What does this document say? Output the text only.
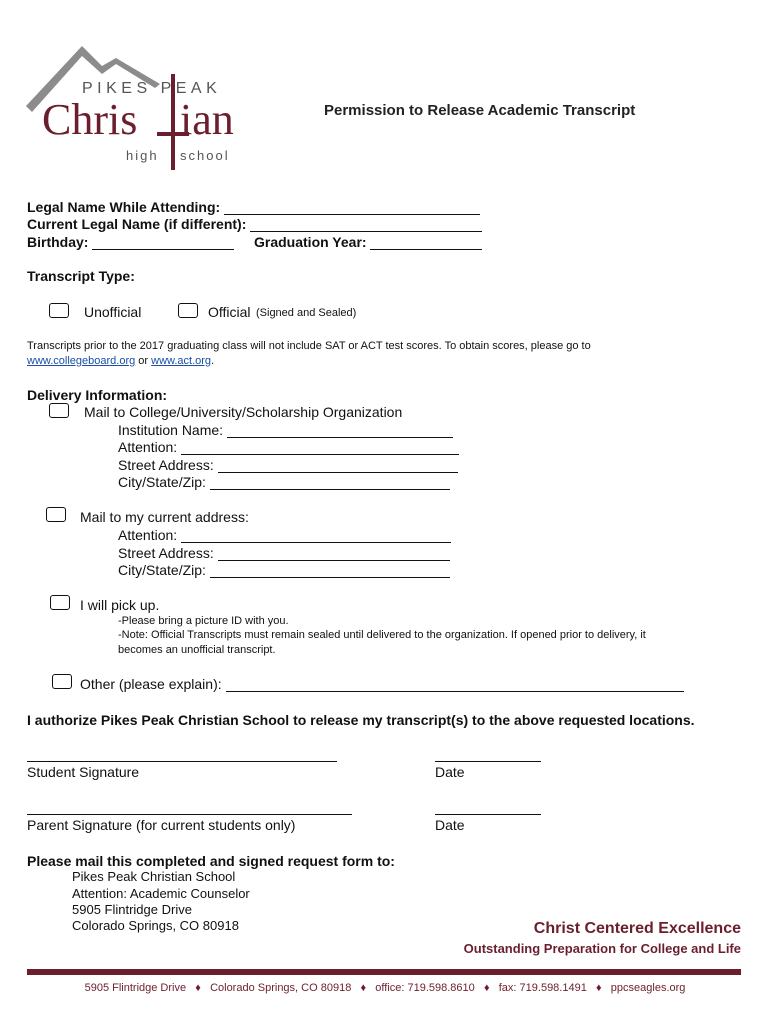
PIKES PEAK
Chris ian
high school
Permission to Release Academic Transcript
Legal Name While Attending:
Current Legal Name (if different):
Birthday:	Graduation Year:
Transcript Type:
Unofficial	Official (Signed and Sealed)
Transcripts prior to the 2017 graduating class will not include SAT or ACT test scores. To obtain scores, please go to
www.collegeboard.org or www.act.org.
Delivery Information:
Mail to College/University/Scholarship Organization
Institution Name:
Attention:
Street Address:
City/State/Zip:
Mail to my current address:
Attention:
Street Address:
City/State/Zip:
I will pick up.
-Please bring a picture ID with you.
-Note: Official Transcripts must remain sealed until delivered to the organization. If opened prior to delivery, it
becomes an unofficial transcript.
Other (please explain):
I authorize Pikes Peak Christian School to release my transcript(s) to the above requested locations.
Student Signature	Date
Parent Signature (for current students only)	Date
Please mail this completed and signed request form to:
Pikes Peak Christian School
Attention: Academic Counselor
5905 Flintridge Drive
Colorado Springs, CO 80918	Christ Centered Excellence
Outstanding Preparation for College and Life
5905 Flintridge Drive ♦ Colorado Springs, CO 80918 ♦ office: 719.598.8610 ♦ fax: 719.598.1491 ♦ ppcseagles.org
